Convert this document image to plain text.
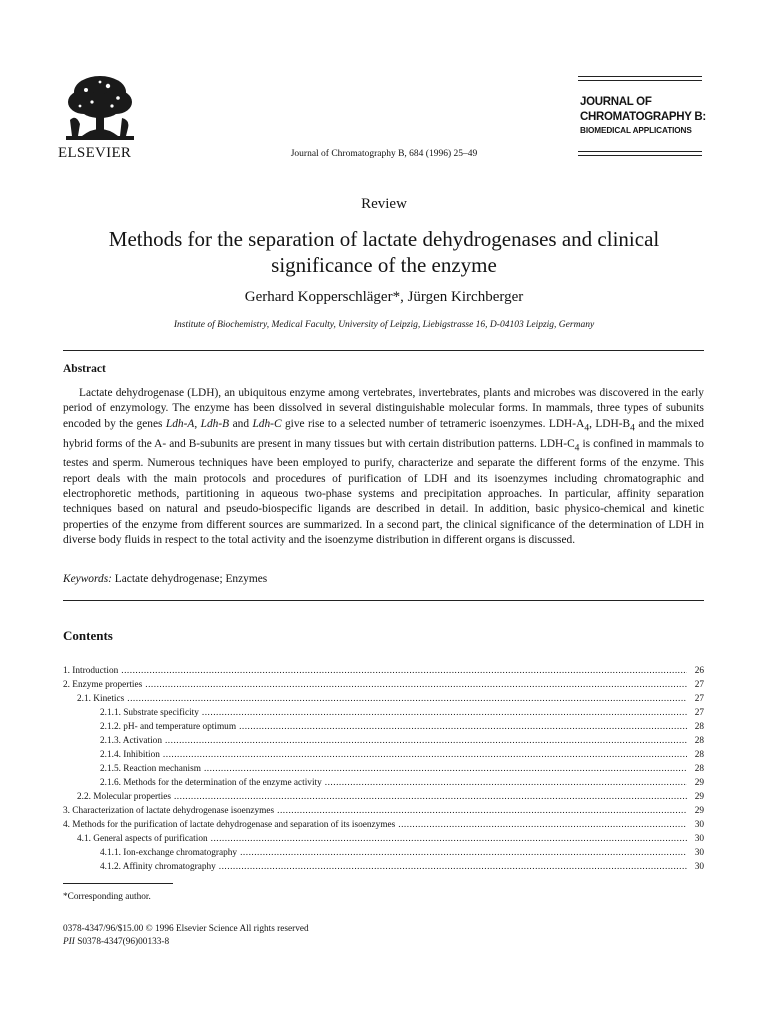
ELSEVIER	Journal of Chromatography B, 684 (1996) 25–49
JOURNAL OF
CHROMATOGRAPHY B:
BIOMEDICAL APPLICATIONS
Review
Methods for the separation of lactate dehydrogenases and clinical significance of the enzyme
Gerhard Kopperschläger*, Jürgen Kirchberger
Institute of Biochemistry, Medical Faculty, University of Leipzig, Liebigstrasse 16, D-04103 Leipzig, Germany
Abstract
Lactate dehydrogenase (LDH), an ubiquitous enzyme among vertebrates, invertebrates, plants and microbes was discovered in the early period of enzymology. The enzyme has been dissolved in several distinguishable molecular forms. In mammals, three types of subunits encoded by the genes Ldh-A, Ldh-B and Ldh-C give rise to a selected number of tetrameric isoenzymes. LDH-$A_4$, LDH-$B_4$ and the mixed hybrid forms of the A- and B-subunits are present in many tissues but with certain distribution patterns. LDH-$C_4$ is confined in mammals to testes and sperm. Numerous techniques have been employed to purify, characterize and separate the different forms of the enzyme. This report deals with the main protocols and procedures of purification of LDH and its isoenzymes including chromatographic and electrophoretic methods, partitioning in aqueous two-phase systems and precipitation approaches. In particular, affinity separation techniques based on natural and pseudo-biospecific ligands are described in detail. In addition, basic physico-chemical and kinetic properties of the enzyme from different sources are summarized. In a second part, the clinical significance of the determination of LDH in diverse body fluids in respect to the total activity and the isoenzyme distribution in different organs is discussed.
Keywords: Lactate dehydrogenase; Enzymes
Contents
1. Introduction .....	26
2. Enzyme properties .....	27
2.1. Kinetics .....	27
2.1.1. Substrate specificity .....	27
2.1.2. pH- and temperature optimum .....	28
2.1.3. Activation .....	28
2.1.4. Inhibition .....	28
2.1.5. Reaction mechanism .....	28
2.1.6. Methods for the determination of the enzyme activity .....	29
2.2. Molecular properties .....	29
3. Characterization of lactate dehydrogenase isoenzymes .....	29
4. Methods for the purification of lactate dehydrogenase and separation of its isoenzymes .....	30
4.1. General aspects of purification .....	30
4.1.1. Ion-exchange chromatography .....	30
4.1.2. Affinity chromatography .....	30
*Corresponding author.
0378-4347/96/$15.00 © 1996 Elsevier Science All rights reserved
PII S0378-4347(96)00133-8
